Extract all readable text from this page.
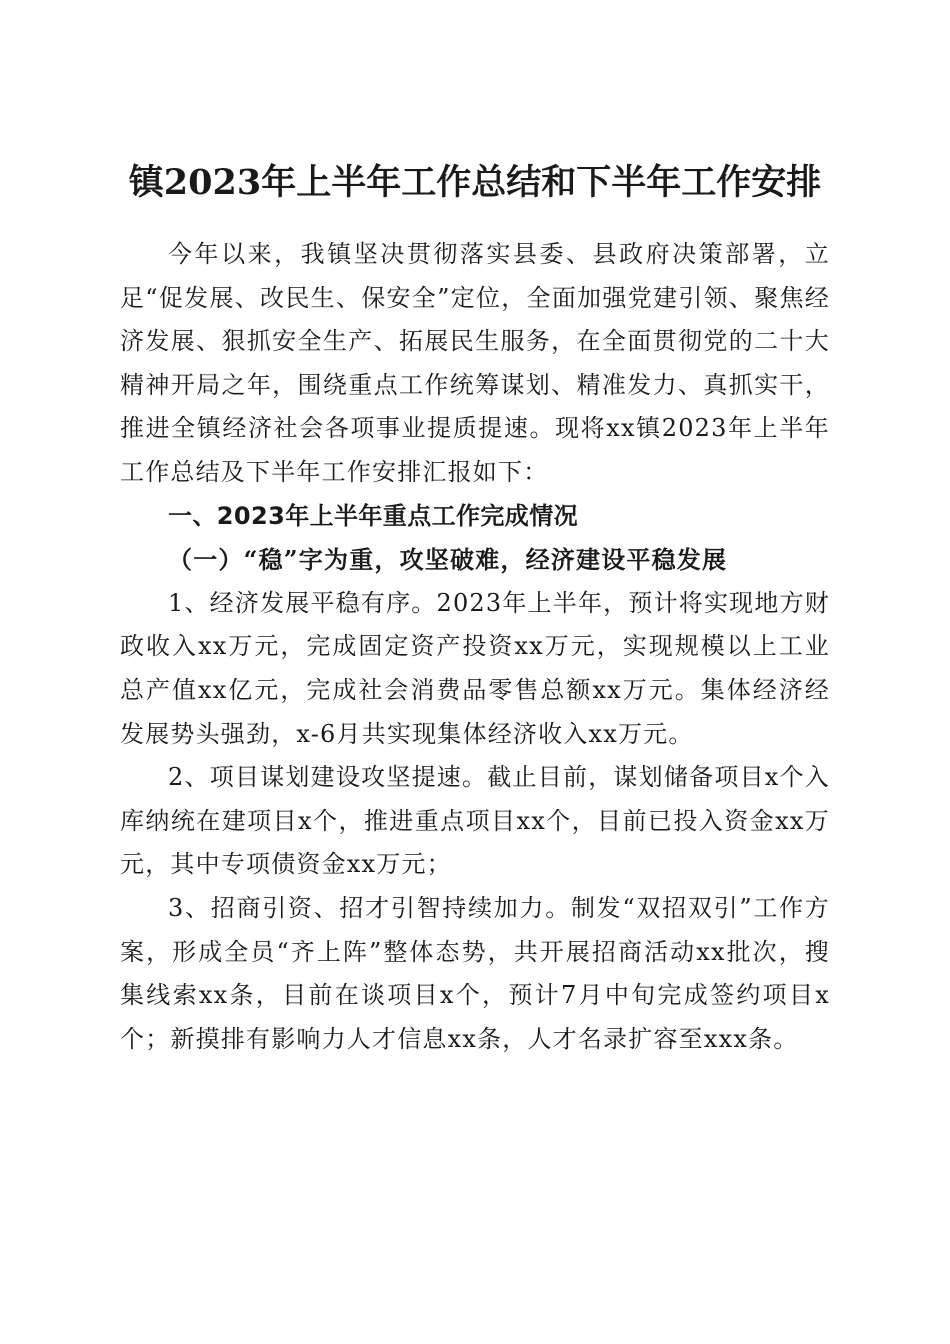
镇2023年上半年工作总结和下半年工作安排

今年以来，我镇坚决贯彻落实县委、县政府决策部署，立足“促发展、改民生、保安全”定位，全面加强党建引领、聚焦经济发展、狠抓安全生产、拓展民生服务，在全面贯彻党的二十大精神开局之年，围绕重点工作统筹谋划、精准发力、真抓实干，推进全镇经济社会各项事业提质提速。现将xx镇2023年上半年工作总结及下半年工作安排汇报如下：

一、2023年上半年重点工作完成情况

（一）“稳”字为重，攻坚破难，经济建设平稳发展

1、经济发展平稳有序。2023年上半年，预计将实现地方财政收入xx万元，完成固定资产投资xx万元，实现规模以上工业总产值xx亿元，完成社会消费品零售总额xx万元。集体经济经发展势头强劲，x-6月共实现集体经济收入xx万元。

2、项目谋划建设攻坚提速。截止目前，谋划储备项目x个入库纳统在建项目x个，推进重点项目xx个，目前已投入资金xx万元，其中专项债资金xx万元；

3、招商引资、招才引智持续加力。制发“双招双引”工作方案，形成全员“齐上阵”整体态势，共开展招商活动xx批次，搜集线索xx条，目前在谈项目x个，预计7月中旬完成签约项目x个；新摸排有影响力人才信息xx条，人才名录扩容至xxx条。
